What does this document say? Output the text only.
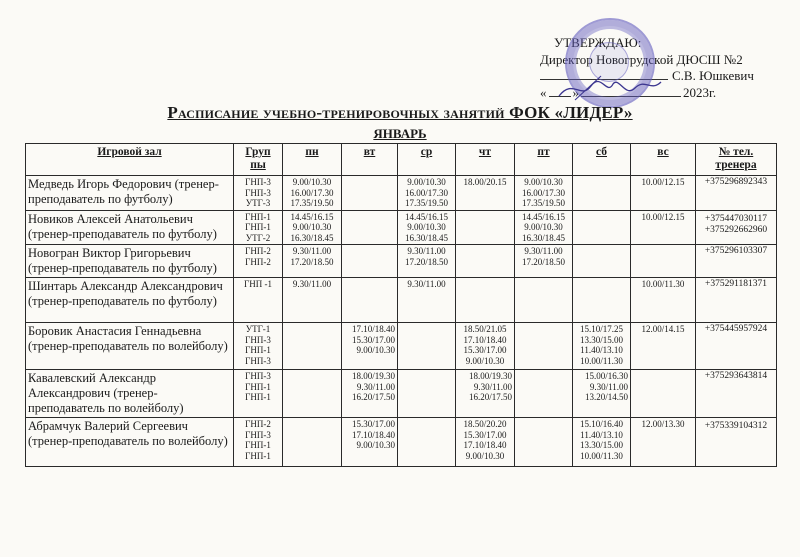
УТВЕРЖДАЮ:
Директор Новогрудской ДЮСШ №2
С.В. Юшкевич
« »	2023г.
Расписание учебно-тренировочных занятий ФОК «ЛИДЕР»
ЯНВАРЬ
Игровой зал	Груп
пы	пн	вт	ср	чт	пт	сб	вс	№ тел.
тренера

Медведь Игорь Федорович (тренер-преподаватель по футболу)	ГНП-3
ГНП-3
УТГ-3	9.00/10.30
16.00/17.30
17.35/19.50		9.00/10.30
16.00/17.30
17.35/19.50	18.00/20.15	9.00/10.30
16.00/17.30
17.35/19.50		10.00/12.15	+375296892343

Новиков Алексей Анатольевич (тренер-преподаватель по футболу)	ГНП-1
ГНП-1
УТГ-2	14.45/16.15
9.00/10.30
16.30/18.45		14.45/16.15
9.00/10.30
16.30/18.45		14.45/16.15
9.00/10.30
16.30/18.45		10.00/12.15	+375447030117
+375292662960

Новогран Виктор Григорьевич (тренер-преподаватель по футболу)	ГНП-2
ГНП-2	9.30/11.00
17.20/18.50		9.30/11.00
17.20/18.50		9.30/11.00
17.20/18.50			+375296103307

Шинтарь Александр Александрович (тренер-преподаватель по футболу)	ГНП -1	9.30/11.00		9.30/11.00				10.00/11.30	+375291181371

Боровик Анастасия Геннадьевна (тренер-преподаватель по волейболу)	УТГ-1
ГНП-3
ГНП-1
ГНП-3		17.10/18.40
15.30/17.00
9.00/10.30		18.50/21.05
17.10/18.40
15.30/17.00
9.00/10.30		15.10/17.25
13.30/15.00
11.40/13.10
10.00/11.30	12.00/14.15	+375445957924

Кавалевский Александр Александрович (тренер-преподаватель по волейболу)	ГНП-3
ГНП-1
ГНП-1		18.00/19.30
9.30/11.00
16.20/17.50		18.00/19.30
9.30/11.00
16.20/17.50		15.00/16.30
9.30/11.00
13.20/14.50		+375293643814

Абрамчук Валерий Сергеевич (тренер-преподаватель по волейболу)	ГНП-2
ГНП-3
ГНП-1
ГНП-1		15.30/17.00
17.10/18.40
9.00/10.30		18.50/20.20
15.30/17.00
17.10/18.40
9.00/10.30		15.10/16.40
11.40/13.10
13.30/15.00
10.00/11.30	12.00/13.30	+375339104312
